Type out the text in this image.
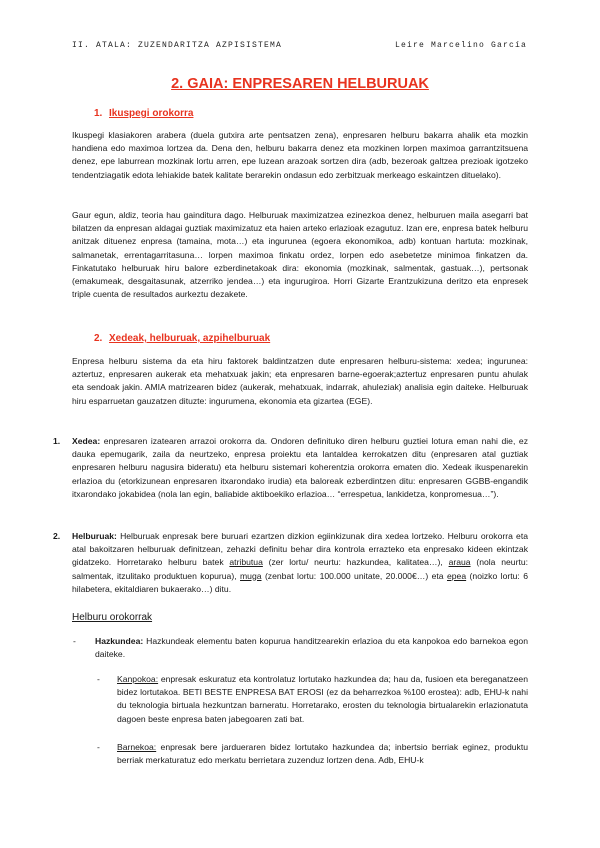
II. ATALA: ZUZENDARITZA AZPISISTEMA	Leire Marcelino García
2. GAIA: ENPRESAREN HELBURUAK
1. Ikuspegi orokorra

Ikuspegi klasiakoren arabera (duela gutxira arte pentsatzen zena), enpresaren helburu bakarra ahalik eta mozkin handiena edo maximoa lortzea da. Dena den, helburu bakarra denez eta mozkinen lorpen maximoa garrantzitsuena denez, epe laburrean mozkinak lortu arren, epe luzean arazoak sortzen dira (adb, bezeroak galtzea prezioak igotzeko tendentziagatik edota lehiakide batek kalitate berarekin ondasun edo zerbitzuak merkeago eskaintzen dituelako).

Gaur egun, aldiz, teoria hau gainditura dago. Helburuak maximizatzea ezinezkoa denez, helburuen maila asegarri bat bilatzen da enpresan aldagai guztiak maximizatuz eta haien arteko erlazioak ezagutuz. Izan ere, enpresa batek helburu anitzak dituenez enpresa (tamaina, mota…) eta ingurunea (egoera ekonomikoa, adb) kontuan hartuta: mozkinak, salmanetak, errentagarritasuna… lorpen maximoa finkatu ordez, lorpen edo asebetetze minimoa finkatzen da. Finkatutako helburuak hiru balore ezberdinetakoak dira: ekonomia (mozkinak, salmentak, gastuak…), pertsonak (emakumeak, desgaitasunak, atzerriko jendea…) eta ingurugiroa. Horri Gizarte Erantzukizuna deritzo eta enpresek triple cuenta de resultados aurkeztu dezakete.

2. Xedeak, helburuak, azpihelburuak

Enpresa helburu sistema da eta hiru faktorek baldintzatzen dute enpresaren helburu-sistema: xedea; ingurunea: aztertuz, enpresaren aukerak eta mehatxuak jakin; eta enpresaren barne-egoerak;aztertuz enpresaren puntu ahulak eta sendoak jakin. AMIA matrizearen bidez (aukerak, mehatxuak, indarrak, ahuleziak) analisia egin daiteke. Helburuak hiru esparruetan gauzatzen dituzte: ingurumena, ekonomia eta gizartea (EGE).

1. Xedea: enpresaren izatearen arrazoi orokorra da. Ondoren definituko diren helburu guztiei lotura eman nahi die, ez dauka epemugarik, zaila da neurtzeko, enpresa proiektu eta lantaldea kerrokatzen ditu (enpresaren atal guztiak enpresaren helburu nagusira bideratu) eta helburu sistemari koherentzia orokorra ematen dio. Xedeak ikuspenarekin erlazioa du (etorkizunean enpresaren itxarondako irudia) eta baloreak ezberdintzen ditu: enpresaren GGBB-engandik itxarondako jokabidea (nola lan egin, baliabide aktiboekiko erlazioa… “errespetua, lankidetza, konpromesua…”).
2. Helburuak: Helburuak enpresak bere buruari ezartzen dizkion egiinkizunak dira xedea lortzeko. Helburu orokorra eta atal bakoitzaren helburuak definitzean, zehazki definitu behar dira kontrola errazteko eta enpresako kideen ekintzak gidatzeko. Horretarako helburu batek atributua (zer lortu/ neurtu: hazkundea, kalitatea…), araua (nola neurtu: salmentak, itzulitako produktuen kopurua), muga (zenbat lortu: 100.000 unitate, 20.000€…) eta epea (noizko lortu: 6 hilabetera, ekitaldiaren bukaerako…) ditu.
Helburu orokorrak
- Hazkundea: Hazkundeak elementu baten kopurua handitzearekin erlazioa du eta kanpokoa edo barnekoa egon daiteke.
- Kanpokoa: enpresak eskuratuz eta kontrolatuz lortutako hazkundea da; hau da, fusioen eta bereganatzeen bidez lortutakoa. BETI BESTE ENPRESA BAT EROSI (ez da beharrezkoa %100 erostea): adb, EHU-k nahi du teknologia birtuala hezkuntzan barneratu. Horretarako, erosten du teknologia birtualarekin erlazionatuta dagoen beste enpresa baten jabegoaren zati bat.
- Barnekoa: enpresak bere jardueraren bidez lortutako hazkundea da; inbertsio berriak eginez, produktu berriak merkaturatuz edo merkatu berrietara zuzenduz lortzen dena. Adb, EHU-k
